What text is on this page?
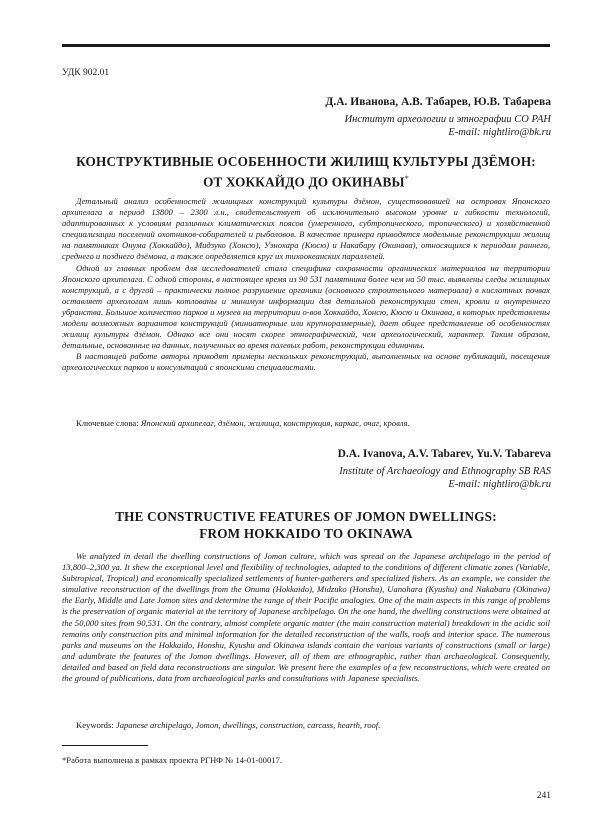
УДК 902.01
Д.А. Иванова, А.В. Табарев, Ю.В. Табарева
Институт археологии и этнографии СО РАН
E-mail: nightliro@bk.ru
КОНСТРУКТИВНЫЕ ОСОБЕННОСТИ ЖИЛИЩ КУЛЬТУРЫ ДЗЁМОН:
ОТ ХОККАЙДО ДО ОКИНАВЫ*

Детальный анализ особенностей жилищных конструкций культуры дзёмон, существовавшей на островах Японского архипелага в период 13800 – 2300 л.н., свидетельствует об исключительно высоком уровне и гибкости технологий, адаптированных к условиям различных климатических поясов (умеренного, субтропического, тропического) и хозяйственной специализации поселений охотников-собирателей и рыболовов. В качестве примера приводятся модельные реконструкции жилищ на памятниках Онума (Хоккайдо), Мидзуко (Хонсю), Уэнохара (Кюсю) и Накабару (Окинава), относящихся к периодам раннего, среднего и позднего дзёмона, а также определяется круг их тихоокеанских параллелей.

Одной из главных проблем для исследователей стала специфика сохранности органических материалов на территории Японского архипелага. С одной стороны, в настоящее время из 90 531 памятника более чем на 50 тыс. выявлены следы жилищных конструкций, а с другой – практически полное разрушение органики (основного строительного материала) в кислотных почвах оставляет археологам лишь котлованы и минимум информации для детальной реконструкции стен, кровли и внутреннего убранства. Большое количество парков и музеев на территории о-вов Хоккайдо, Хонсю, Кюсю и Окинава, в которых представлены модели возможных вариантов конструкций (миниатюрные или крупноразмерные), дает общее представление об особенностях жилищ культуры дзёмон. Однако все они носят скорее этнографический, чем археологический, характер. Таким образом, детальные, основанные на данных, полученных во время полевых работ, реконструкции единичны.

В настоящей работе авторы приводят примеры нескольких реконструкций, выполненных на основе публикаций, посещения археологических парков и консультаций с японскими специалистами.

Ключевые слова: Японский архипелаг, дзёмон, жилища, конструкция, каркас, очаг, кровля.
D.A. Ivanova, A.V. Tabarev, Yu.V. Tabareva
Institute of Archaeology and Ethnography SB RAS
E-mail: nightliro@bk.ru
THE CONSTRUCTIVE FEATURES OF JOMON DWELLINGS:
FROM HOKKAIDO TO OKINAWA

We analyzed in detail the dwelling constructions of Jomon culture, which was spread on the Japanese archipelago in the period of 13,800–2,300 ya. It shew the exceptional level and flexibility of technologies, adapted to the conditions of different climatic zones (Variable, Subtropical, Tropical) and economically specialized settlements of hunter-gatherers and specialized fishers. As an example, we consider the simulative reconstruction of the dwellings from the Onuma (Hokkaido), Midzuko (Honshu), Uanohara (Kyushu) and Nakabaru (Okinawa) the Early, Middle and Late Jomon sites and determine the range of their Pacific analogies. One of the main aspects in this range of problems is the preservation of organic material at the territory of Japanese archipelago. On the one hand, the dwelling constructions were obtained at the 50,000 sites from 90,531. On the contrary, almost complete organic matter (the main construction material) breakdown in the acidic soil remains only construction pits and minimal information for the detailed reconstruction of the walls, roofs and interior space. The numerous parks and museums on the Hokkaido, Honshu, Kyushu and Okinawa islands contain the various variants of constructions (small or large) and adumbrate the features of the Jomon dwellings. However, all of them are ethnographic, rather than archaeological. Consequently, detailed and based on field data reconstructions are singular. We present here the examples of a few reconstructions, which were created on the ground of publications, data from archaeological parks and consultations with Japanese specialists.

Keywords: Japanese archipelago, Jomon, dwellings, construction, carcass, hearth, roof.
*Работа выполнена в рамках проекта РГНФ № 14-01-00017.
241
